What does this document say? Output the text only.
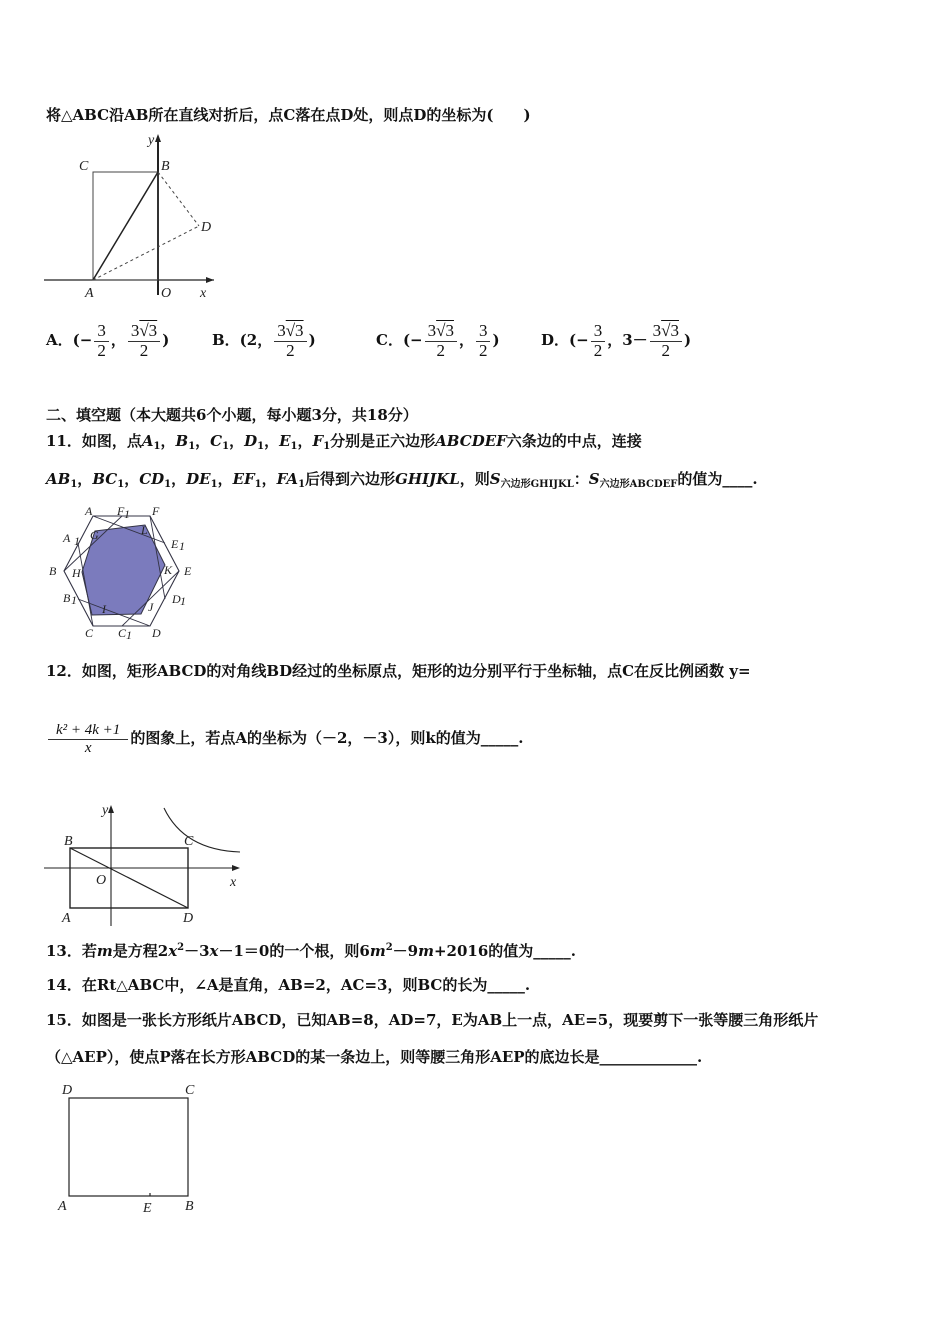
将△ABC沿AB所在直线对折后，点C落在点D处，则点D的坐标为(　　)
C	B
y
D
A	O x
A．(− $\frac{3}{2}$ ， $\frac{3√3}{2}$ )	B．(2， $\frac{3√3}{2}$ )	C．(− $\frac{3√3}{2}$ ， $\frac{3}{2}$ )	D．(− $\frac{3}{2}$ ，$3- \frac{3√3}{2}$ )
二、填空题（本大题共6个小题，每小题3分，共18分）
11．如图，点$A_1$，$B_1$，$C_1$，$D_1$，$E_1$，$F_1$分别是正六边形ABCDEF六条边的中点，连接
$AB_1$，$BC_1$，$CD_1$，$DE_1$，$EF_1$，$FA_1$后得到六边形GHIJKL，则$S_{六边形GHIJKL}$：$S_{六边形ABCDEF}$的值为____.
A F F
A G	L
E
B H	K E
B
I	J
D
C C D
1
1
1
1	1
1
12．如图，矩形ABCD的对角线BD经过的坐标原点，矩形的边分别平行于坐标轴，点C在反比例函数 y=
$\frac{\text{k² + 4k +1}}{x}$ 的图象上，若点A的坐标为（－2，－3），则k的值为_____.
y
B	C
O	x
A	D
13．若m是方程$2x^2-3x-1=0$的一个根，则$6m^2-9m+2016$的值为_____.
14．在Rt△ABC中，∠A是直角，AB=2，AC=3，则BC的长为_____.
15．如图是一张长方形纸片ABCD，已知AB=8，AD=7，E为AB上一点，AE=5，现要剪下一张等腰三角形纸片
（△AEP），使点P落在长方形ABCD的某一条边上，则等腰三角形AEP的底边长是_____________.
D	C
A	E B
